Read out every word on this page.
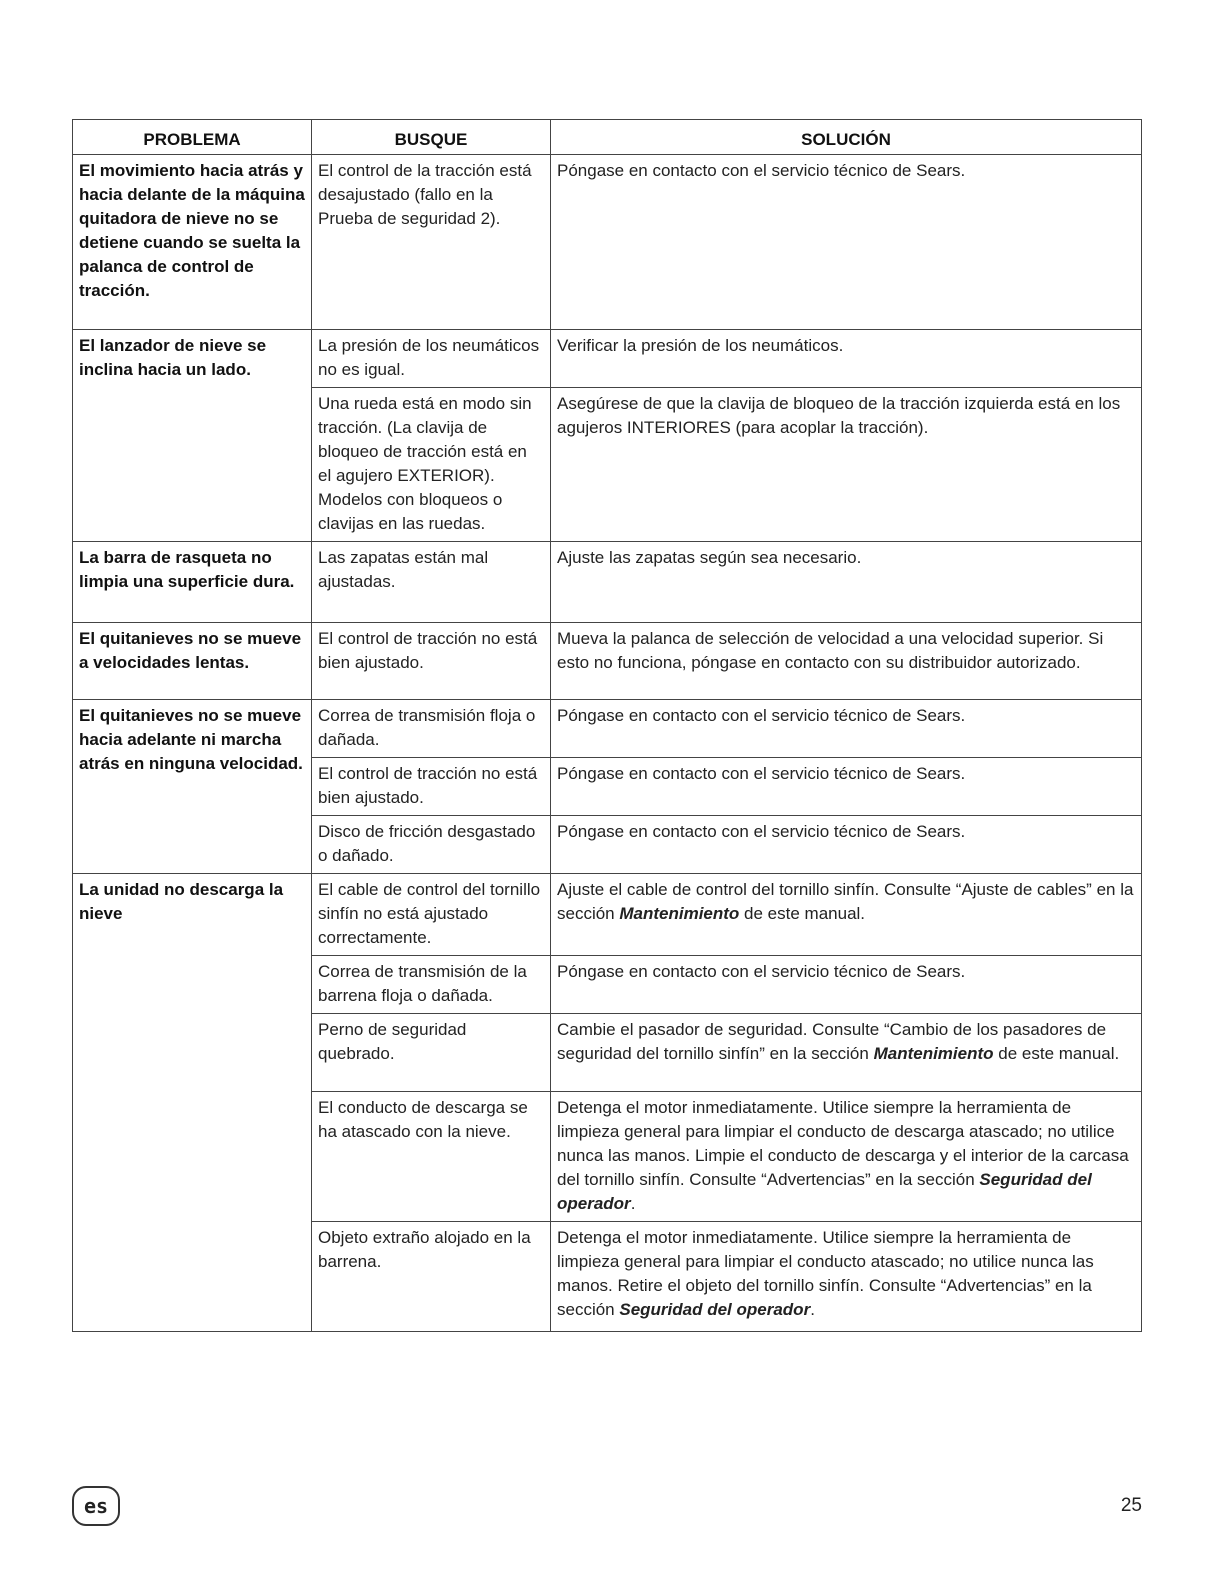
PROBLEMA	BUSQUE	SOLUCIÓN
El movimiento hacia atrás y hacia delante de la máquina quitadora de nieve no se detiene cuando se suelta la palanca de control de tracción.	El control de la tracción está desajustado (fallo en la Prueba de seguridad 2).	Póngase en contacto con el servicio técnico de Sears.
El lanzador de nieve se inclina hacia un lado.	La presión de los neumáticos no es igual.	Verificar la presión de los neumáticos.
	Una rueda está en modo sin tracción. (La clavija de bloqueo de tracción está en el agujero EXTERIOR). Modelos con bloqueos o clavijas en las ruedas.	Asegúrese de que la clavija de bloqueo de la tracción izquierda está en los agujeros INTERIORES (para acoplar la tracción).
La barra de rasqueta no limpia una superficie dura.	Las zapatas están mal ajustadas.	Ajuste las zapatas según sea necesario.
El quitanieves no se mueve a velocidades lentas.	El control de tracción no está bien ajustado.	Mueva la palanca de selección de velocidad a una velocidad superior. Si esto no funciona, póngase en contacto con su distribuidor autorizado.
El quitanieves no se mueve hacia adelante ni marcha atrás en ninguna velocidad.	Correa de transmisión floja o dañada.	Póngase en contacto con el servicio técnico de Sears.
	El control de tracción no está bien ajustado.	Póngase en contacto con el servicio técnico de Sears.
	Disco de fricción desgastado o dañado.	Póngase en contacto con el servicio técnico de Sears.
La unidad no descarga la nieve	El cable de control del tornillo sinfín no está ajustado correctamente.	Ajuste el cable de control del tornillo sinfín. Consulte “Ajuste de cables” en la sección Mantenimiento de este manual.
	Correa de transmisión de la barrena floja o dañada.	Póngase en contacto con el servicio técnico de Sears.
	Perno de seguridad quebrado.	Cambie el pasador de seguridad. Consulte “Cambio de los pasadores de seguridad del tornillo sinfín” en la sección Mantenimiento de este manual.
	El conducto de descarga se ha atascado con la nieve.	Detenga el motor inmediatamente. Utilice siempre la herramienta de limpieza general para limpiar el conducto de descarga atascado; no utilice nunca las manos. Limpie el conducto de descarga y el interior de la carcasa del tornillo sinfín. Consulte “Advertencias” en la sección Seguridad del operador.
	Objeto extraño alojado en la barrena.	Detenga el motor inmediatamente. Utilice siempre la herramienta de limpieza general para limpiar el conducto atascado; no utilice nunca las manos. Retire el objeto del tornillo sinfín. Consulte “Advertencias” en la sección Seguridad del operador.
es	25
